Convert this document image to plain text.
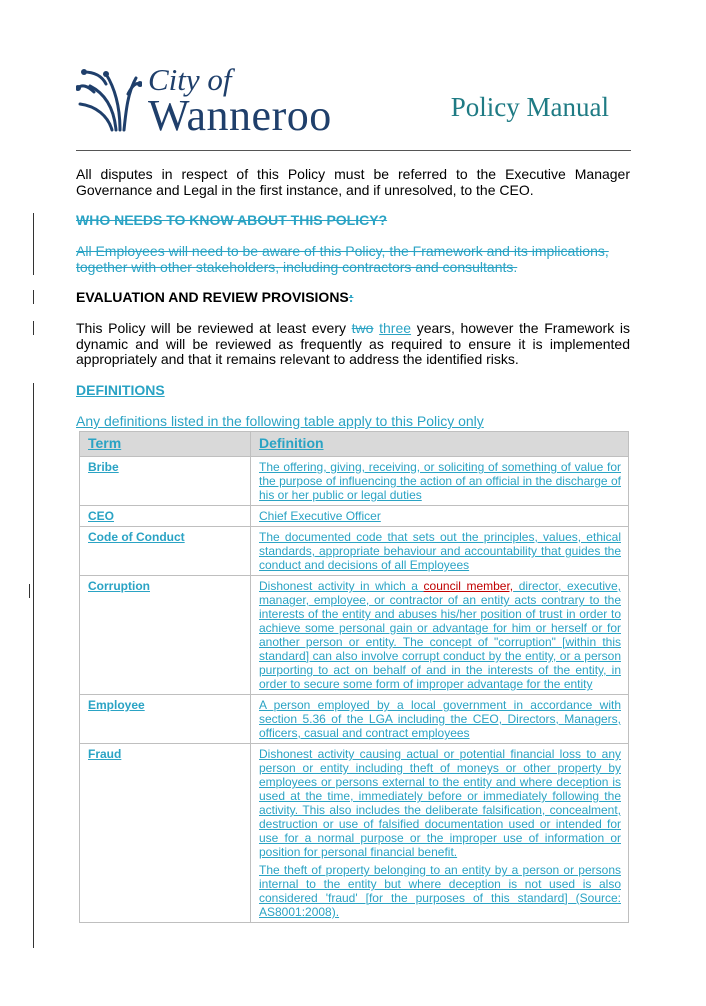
City of
Wanneroo	Policy Manual
All disputes in respect of this Policy must be referred to the Executive Manager Governance and Legal in the first instance, and if unresolved, to the CEO.
WHO NEEDS TO KNOW ABOUT THIS POLICY?
All Employees will need to be aware of this Policy, the Framework and its implications, together with other stakeholders, including contractors and consultants.
EVALUATION AND REVIEW PROVISIONS:
This Policy will be reviewed at least every two three years, however the Framework is dynamic and will be reviewed as frequently as required to ensure it is implemented appropriately and that it remains relevant to address the identified risks.
DEFINITIONS
Any definitions listed in the following table apply to this Policy only
Term	Definition
Bribe	The offering, giving, receiving, or soliciting of something of value for the purpose of influencing the action of an official in the discharge of his or her public or legal duties
CEO	Chief Executive Officer
Code of Conduct	The documented code that sets out the principles, values, ethical standards, appropriate behaviour and accountability that guides the conduct and decisions of all Employees
Corruption	Dishonest activity in which a council member, director, executive, manager, employee, or contractor of an entity acts contrary to the interests of the entity and abuses his/her position of trust in order to achieve some personal gain or advantage for him or herself or for another person or entity. The concept of "corruption" [within this standard] can also involve corrupt conduct by the entity, or a person purporting to act on behalf of and in the interests of the entity, in order to secure some form of improper advantage for the entity
Employee	A person employed by a local government in accordance with section 5.36 of the LGA including the CEO, Directors, Managers, officers, casual and contract employees
Fraud	Dishonest activity causing actual or potential financial loss to any person or entity including theft of moneys or other property by employees or persons external to the entity and where deception is used at the time, immediately before or immediately following the activity. This also includes the deliberate falsification, concealment, destruction or use of falsified documentation used or intended for use for a normal purpose or the improper use of information or position for personal financial benefit.

The theft of property belonging to an entity by a person or persons internal to the entity but where deception is not used is also considered 'fraud' [for the purposes of this standard] (Source: AS8001:2008).
